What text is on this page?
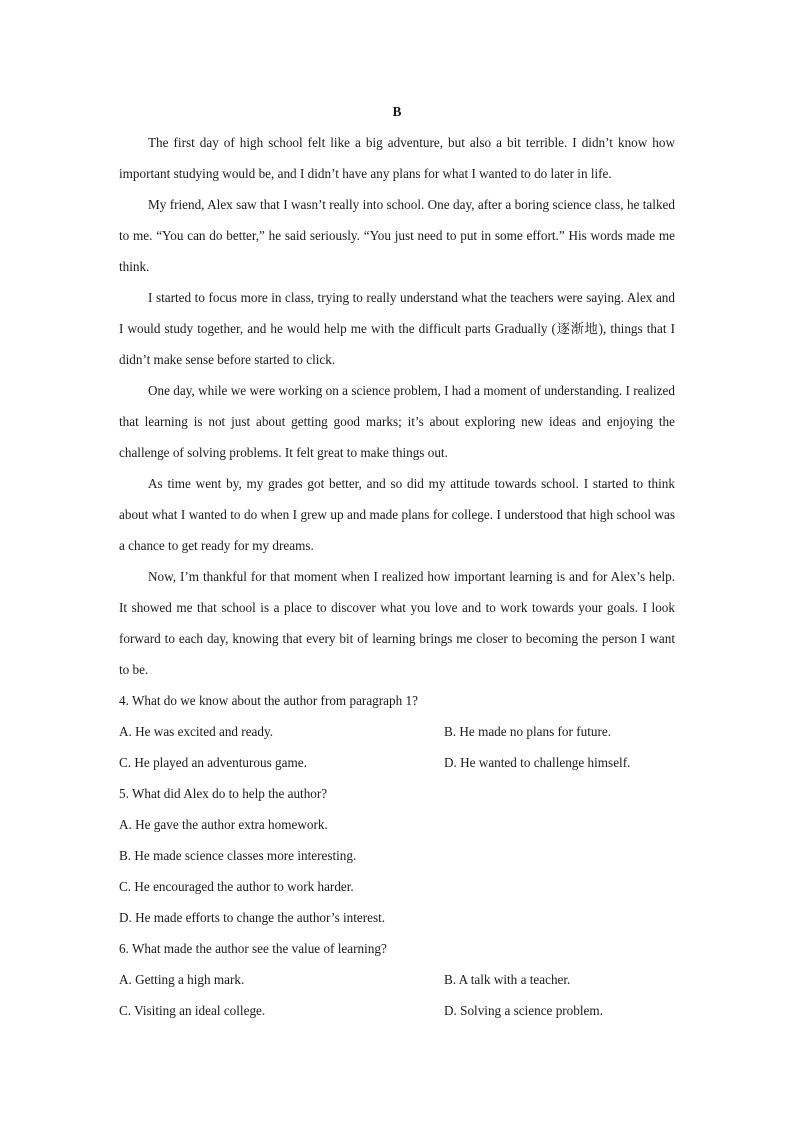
B

The first day of high school felt like a big adventure, but also a bit terrible. I didn’t know how important studying would be, and I didn’t have any plans for what I wanted to do later in life.

My friend, Alex saw that I wasn’t really into school. One day, after a boring science class, he talked to me. “You can do better,” he said seriously. “You just need to put in some effort.” His words made me think.

I started to focus more in class, trying to really understand what the teachers were saying. Alex and I would study together, and he would help me with the difficult parts Gradually (逐渐地), things that I didn’t make sense before started to click.

One day, while we were working on a science problem, I had a moment of understanding. I realized that learning is not just about getting good marks; it’s about exploring new ideas and enjoying the challenge of solving problems. It felt great to make things out.

As time went by, my grades got better, and so did my attitude towards school. I started to think about what I wanted to do when I grew up and made plans for college. I understood that high school was a chance to get ready for my dreams.

Now, I’m thankful for that moment when I realized how important learning is and for Alex’s help. It showed me that school is a place to discover what you love and to work towards your goals. I look forward to each day, knowing that every bit of learning brings me closer to becoming the person I want to be.

4. What do we know about the author from paragraph 1?
A. He was excited and ready.	B. He made no plans for future.
C. He played an adventurous game.	D. He wanted to challenge himself.
5. What did Alex do to help the author?
A. He gave the author extra homework.
B. He made science classes more interesting.
C. He encouraged the author to work harder.
D. He made efforts to change the author’s interest.
6. What made the author see the value of learning?
A. Getting a high mark.	B. A talk with a teacher.
C. Visiting an ideal college.	D. Solving a science problem.
